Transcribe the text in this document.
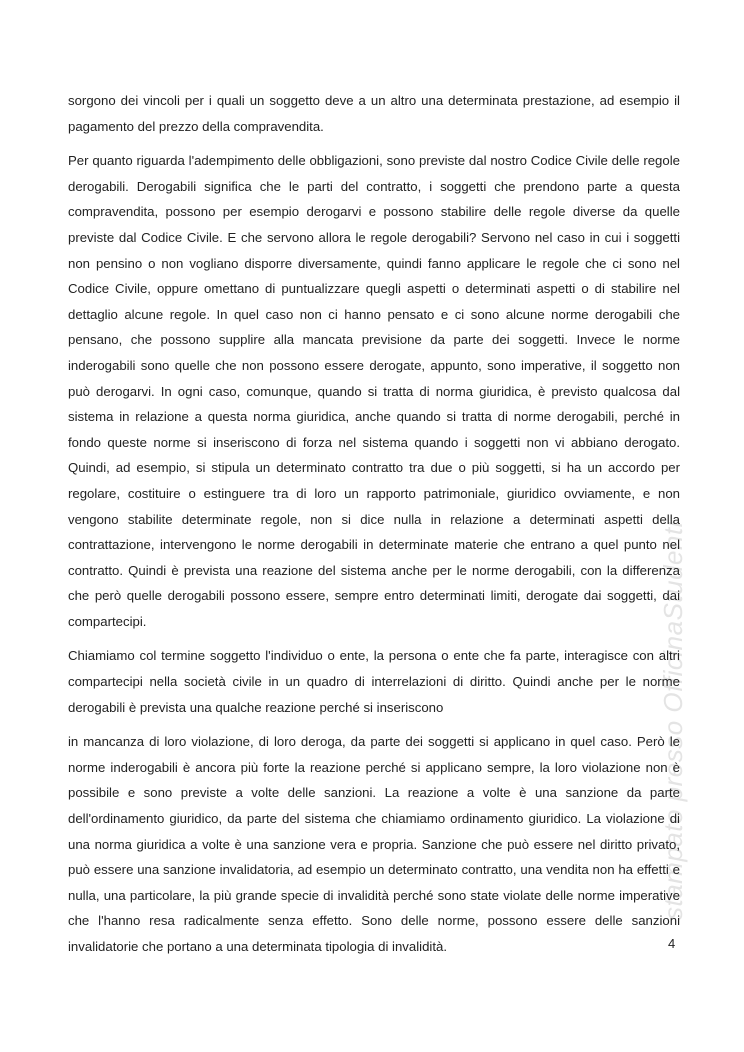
stampato presso OfficinaStudenti

sorgono dei vincoli per i quali un soggetto deve a un altro una determinata prestazione, ad esempio il pagamento del prezzo della compravendita.

Per quanto riguarda l'adempimento delle obbligazioni, sono previste dal nostro Codice Civile delle regole derogabili. Derogabili significa che le parti del contratto, i soggetti che prendono parte a questa compravendita, possono per esempio derogarvi e possono stabilire delle regole diverse da quelle previste dal Codice Civile. E che servono allora le regole derogabili? Servono nel caso in cui i soggetti non pensino o non vogliano disporre diversamente, quindi fanno applicare le regole che ci sono nel Codice Civile, oppure omettano di puntualizzare quegli aspetti o determinati aspetti o di stabilire nel dettaglio alcune regole. In quel caso non ci hanno pensato e ci sono alcune norme derogabili che pensano, che possono supplire alla mancata previsione da parte dei soggetti. Invece le norme inderogabili sono quelle che non possono essere derogate, appunto, sono imperative, il soggetto non può derogarvi. In ogni caso, comunque, quando si tratta di norma giuridica, è previsto qualcosa dal sistema in relazione a questa norma giuridica, anche quando si tratta di norme derogabili, perché in fondo queste norme si inseriscono di forza nel sistema quando i soggetti non vi abbiano derogato. Quindi, ad esempio, si stipula un determinato contratto tra due o più soggetti, si ha un accordo per regolare, costituire o estinguere tra di loro un rapporto patrimoniale, giuridico ovviamente, e non vengono stabilite determinate regole, non si dice nulla in relazione a determinati aspetti della contrattazione, intervengono le norme derogabili in determinate materie che entrano a quel punto nel contratto. Quindi è prevista una reazione del sistema anche per le norme derogabili, con la differenza che però quelle derogabili possono essere, sempre entro determinati limiti, derogate dai soggetti, dai compartecipi.

Chiamiamo col termine soggetto l'individuo o ente, la persona o ente che fa parte, interagisce con altri compartecipi nella società civile in un quadro di interrelazioni di diritto. Quindi anche per le norme derogabili è prevista una qualche reazione perché si inseriscono

in mancanza di loro violazione, di loro deroga, da parte dei soggetti si applicano in quel caso. Però le norme inderogabili è ancora più forte la reazione perché si applicano sempre, la loro violazione non è possibile e sono previste a volte delle sanzioni. La reazione a volte è una sanzione da parte dell'ordinamento giuridico, da parte del sistema che chiamiamo ordinamento giuridico. La violazione di una norma giuridica a volte è una sanzione vera e propria. Sanzione che può essere nel diritto privato, può essere una sanzione invalidatoria, ad esempio un determinato contratto, una vendita non ha effetti e nulla, una particolare, la più grande specie di invalidità perché sono state violate delle norme imperative che l'hanno resa radicalmente senza effetto. Sono delle norme, possono essere delle sanzioni invalidatorie che portano a una determinata tipologia di invalidità.	4
